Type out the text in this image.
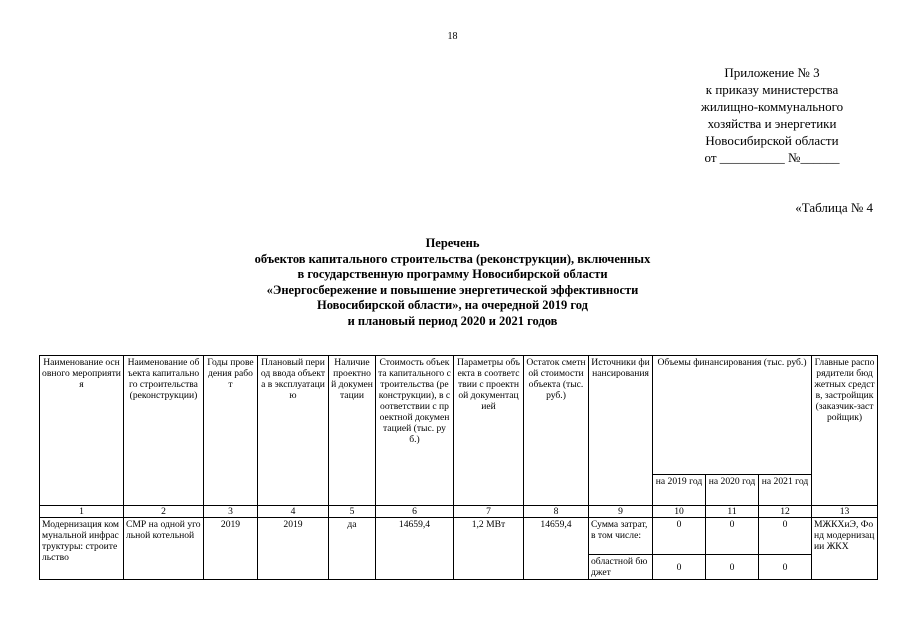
18
Приложение № 3
к приказу министерства
жилищно-коммунального
хозяйства и энергетики
Новосибирской области
от __________ №______
«Таблица № 4
Перечень
объектов капитального строительства (реконструкции), включенных
в государственную программу Новосибирской области
«Энергосбережение и повышение энергетической эффективности
Новосибирской области», на очередной 2019 год
и плановый период 2020 и 2021 годов
Наименование основного мероприятия	Наименование объекта капитального строительства (реконструкции)	Годы проведения работ	Плановый период ввода объекта в эксплуатацию	Наличие проектной документации	Стоимость объекта капитального строительства (реконструкции), в соответствии с проектной документацией (тыс. руб.)	Параметры объекта в соответствии с проектной документацией	Остаток сметной стоимости объекта (тыс. руб.)	Источники финансирования	Объемы финансирования (тыс. руб.)			Главные распорядители бюджетных средств, застройщик (заказчик-застройщик)
									на 2019 год	на 2020 год	на 2021 год	
1	2	3	4	5	6	7	8	9	10	11	12	13
Модернизация коммунальной инфраструктуры: строительство	СМР на одной угольной котельной	2019	2019	да	14659,4	1,2 МВт	14659,4	Сумма затрат, в том числе:	0	0	0	МЖКХиЭ, Фонд модернизации ЖКХ
								областной бюджет	0	0	0	
